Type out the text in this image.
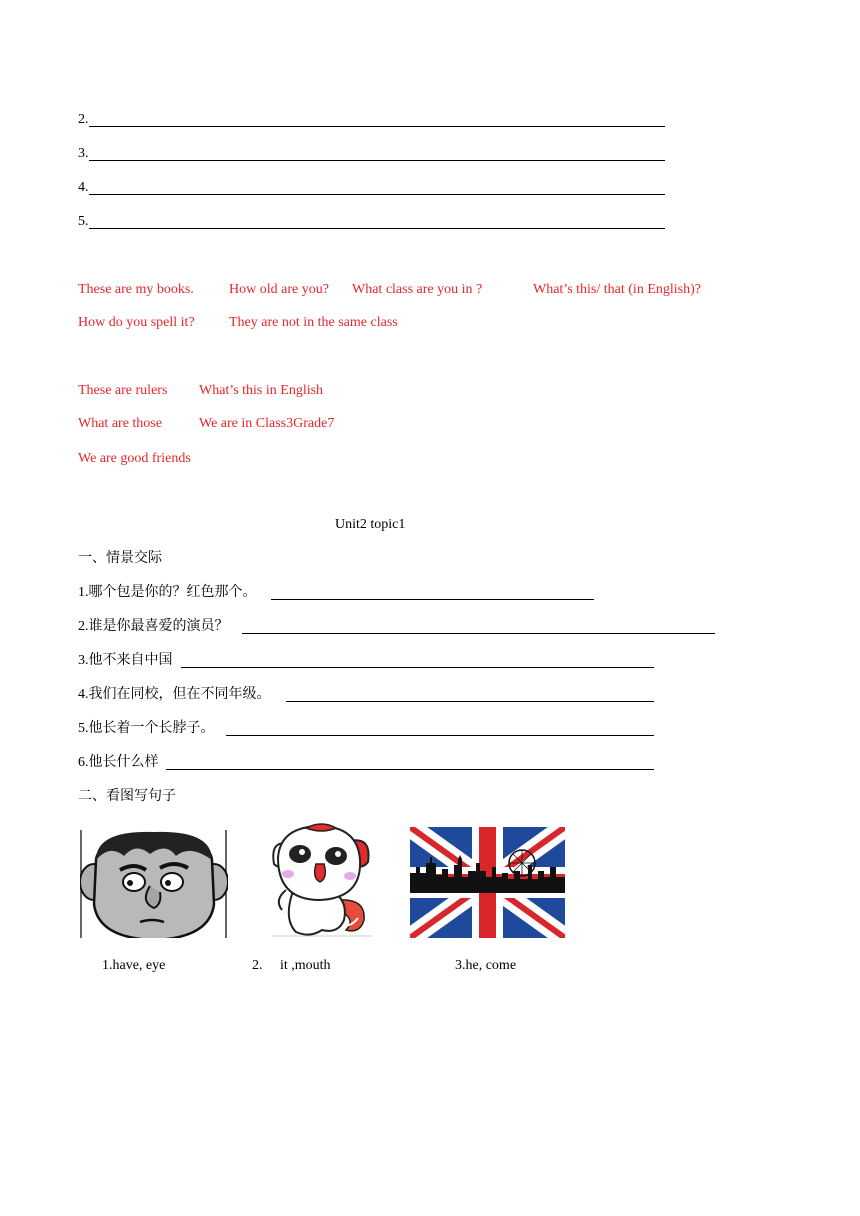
2.
3.
4.
5.
These are my books.	How old are you? What class are you in ?	What’s this/ that (in English)?
How do you spell it? They are not in the same class
These are rulers What’s this in English
What are those	We are in Class3Grade7
We are good friends
Unit2 topic1
一、情景交际
1.哪个包是你的？红色那个。
2.谁是你最喜爱的演员？
3.他不来自中国
4.我们在同校，但在不同年级。
5.他长着一个长脖子。
6.他长什么样
二、看图写句子
1.have, eye	2. it ,mouth	3.he, come
